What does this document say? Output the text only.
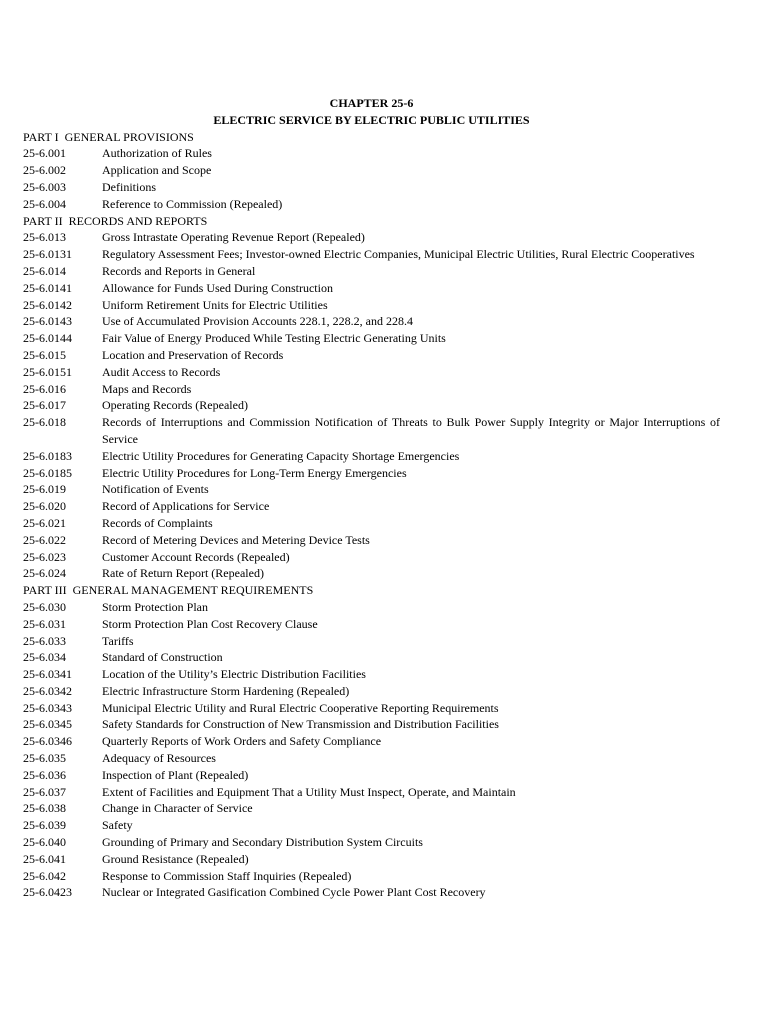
CHAPTER 25-6
ELECTRIC SERVICE BY ELECTRIC PUBLIC UTILITIES
PART I  GENERAL PROVISIONS
25-6.001	Authorization of Rules
25-6.002	Application and Scope
25-6.003	Definitions
25-6.004	Reference to Commission (Repealed)
PART II  RECORDS AND REPORTS
25-6.013	Gross Intrastate Operating Revenue Report (Repealed)
25-6.0131	Regulatory Assessment Fees; Investor-owned Electric Companies, Municipal Electric Utilities, Rural Electric Cooperatives
25-6.014	Records and Reports in General
25-6.0141	Allowance for Funds Used During Construction
25-6.0142	Uniform Retirement Units for Electric Utilities
25-6.0143	Use of Accumulated Provision Accounts 228.1, 228.2, and 228.4
25-6.0144	Fair Value of Energy Produced While Testing Electric Generating Units
25-6.015	Location and Preservation of Records
25-6.0151	Audit Access to Records
25-6.016	Maps and Records
25-6.017	Operating Records (Repealed)
25-6.018	Records of Interruptions and Commission Notification of Threats to Bulk Power Supply Integrity or Major Interruptions of Service
25-6.0183	Electric Utility Procedures for Generating Capacity Shortage Emergencies
25-6.0185	Electric Utility Procedures for Long-Term Energy Emergencies
25-6.019	Notification of Events
25-6.020	Record of Applications for Service
25-6.021	Records of Complaints
25-6.022	Record of Metering Devices and Metering Device Tests
25-6.023	Customer Account Records (Repealed)
25-6.024	Rate of Return Report (Repealed)
PART III  GENERAL MANAGEMENT REQUIREMENTS
25-6.030	Storm Protection Plan
25-6.031	Storm Protection Plan Cost Recovery Clause
25-6.033	Tariffs
25-6.034	Standard of Construction
25-6.0341	Location of the Utility’s Electric Distribution Facilities
25-6.0342	Electric Infrastructure Storm Hardening (Repealed)
25-6.0343	Municipal Electric Utility and Rural Electric Cooperative Reporting Requirements
25-6.0345	Safety Standards for Construction of New Transmission and Distribution Facilities
25-6.0346	Quarterly Reports of Work Orders and Safety Compliance
25-6.035	Adequacy of Resources
25-6.036	Inspection of Plant (Repealed)
25-6.037	Extent of Facilities and Equipment That a Utility Must Inspect, Operate, and Maintain
25-6.038	Change in Character of Service
25-6.039	Safety
25-6.040	Grounding of Primary and Secondary Distribution System Circuits
25-6.041	Ground Resistance (Repealed)
25-6.042	Response to Commission Staff Inquiries (Repealed)
25-6.0423	Nuclear or Integrated Gasification Combined Cycle Power Plant Cost Recovery
